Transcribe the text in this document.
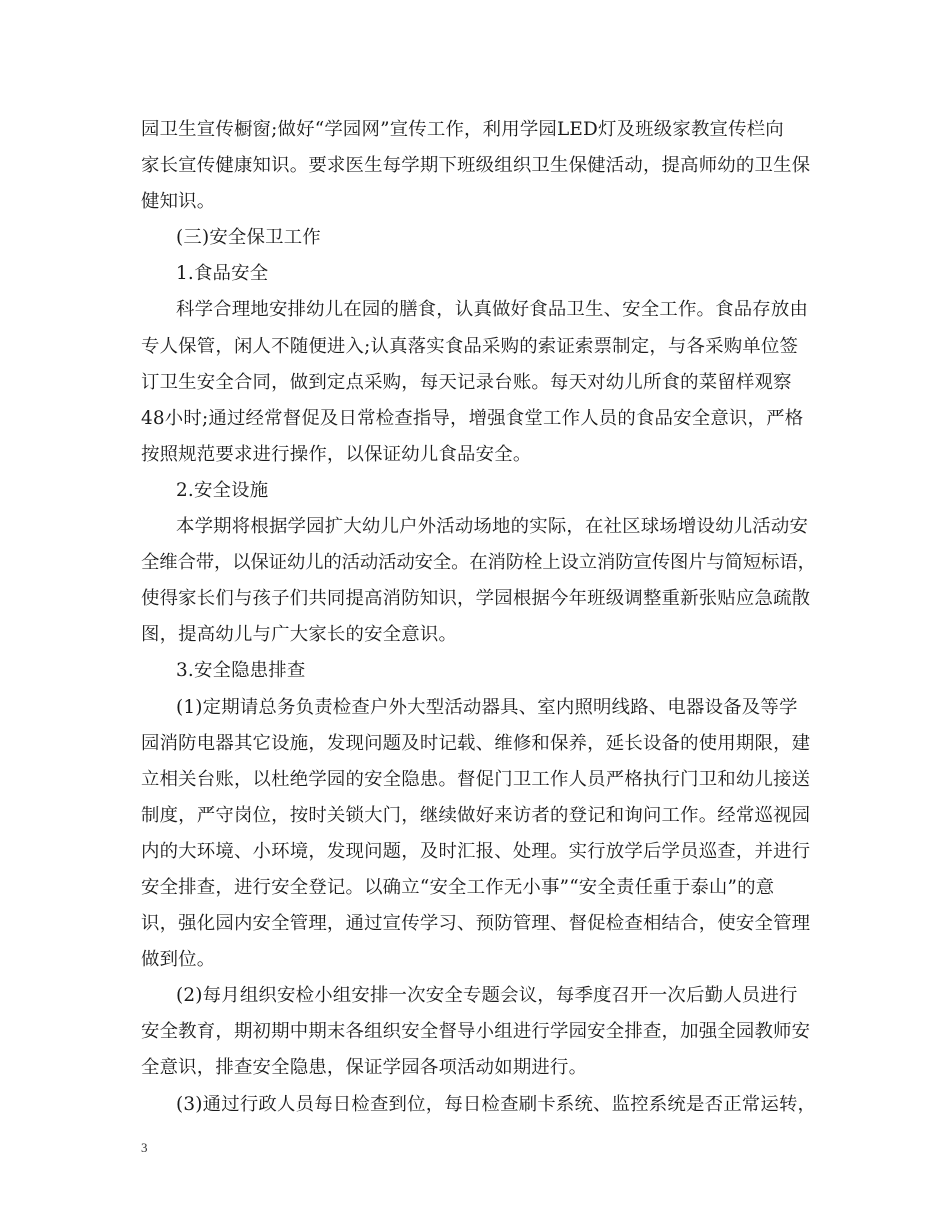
园卫生宣传橱窗;做好“学园网”宣传工作，利用学园LED灯及班级家教宣传栏向
家长宣传健康知识。要求医生每学期下班级组织卫生保健活动，提高师幼的卫生保
健知识。
(三)安全保卫工作
1.食品安全
科学合理地安排幼儿在园的膳食，认真做好食品卫生、安全工作。食品存放由
专人保管，闲人不随便进入;认真落实食品采购的索证索票制定，与各采购单位签
订卫生安全合同，做到定点采购，每天记录台账。每天对幼儿所食的菜留样观察
48小时;通过经常督促及日常检查指导，增强食堂工作人员的食品安全意识，严格
按照规范要求进行操作，以保证幼儿食品安全。
2.安全设施
本学期将根据学园扩大幼儿户外活动场地的实际，在社区球场增设幼儿活动安
全维合带，以保证幼儿的活动活动安全。在消防栓上设立消防宣传图片与简短标语，
使得家长们与孩子们共同提高消防知识，学园根据今年班级调整重新张贴应急疏散
图，提高幼儿与广大家长的安全意识。
3.安全隐患排查
(1)定期请总务负责检查户外大型活动器具、室内照明线路、电器设备及等学
园消防电器其它设施，发现问题及时记载、维修和保养，延长设备的使用期限，建
立相关台账，以杜绝学园的安全隐患。督促门卫工作人员严格执行门卫和幼儿接送
制度，严守岗位，按时关锁大门，继续做好来访者的登记和询问工作。经常巡视园
内的大环境、小环境，发现问题，及时汇报、处理。实行放学后学员巡查，并进行
安全排查，进行安全登记。以确立“安全工作无小事”“安全责任重于泰山”的意
识，强化园内安全管理，通过宣传学习、预防管理、督促检查相结合，使安全管理
做到位。
(2)每月组织安检小组安排一次安全专题会议，每季度召开一次后勤人员进行
安全教育，期初期中期末各组织安全督导小组进行学园安全排查，加强全园教师安
全意识，排查安全隐患，保证学园各项活动如期进行。
(3)通过行政人员每日检查到位，每日检查刷卡系统、监控系统是否正常运转，
3
